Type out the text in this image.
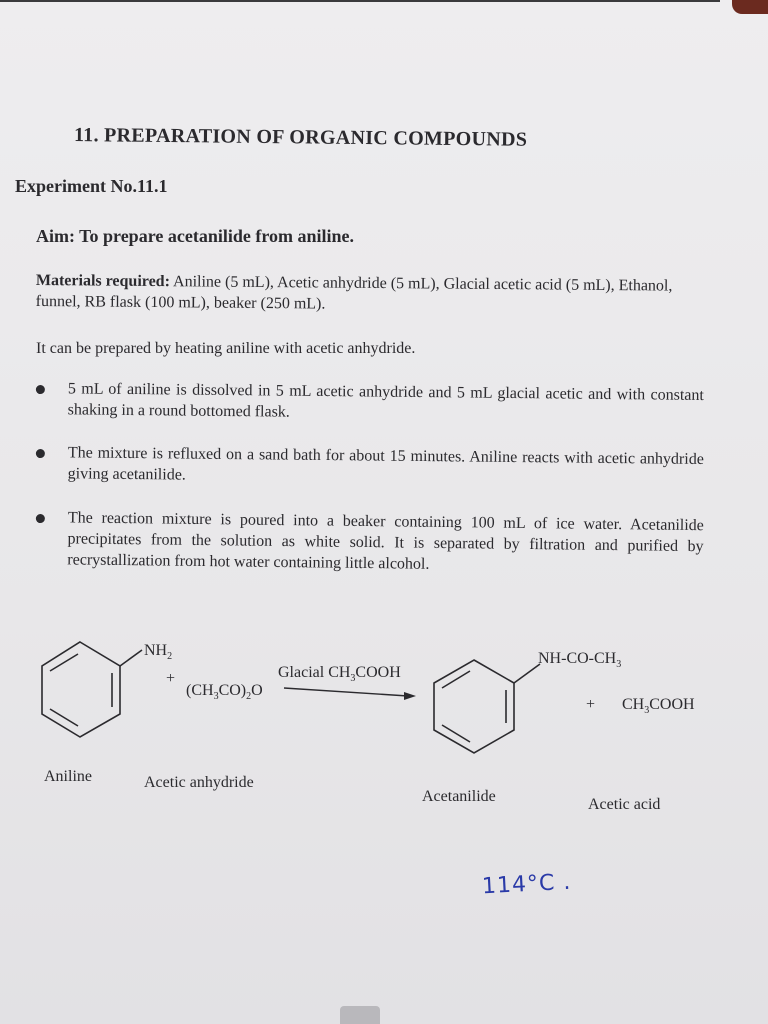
11. PREPARATION OF ORGANIC COMPOUNDS
Experiment No.11.1
Aim: To prepare acetanilide from aniline.
Materials required: Aniline (5 mL), Acetic anhydride (5 mL), Glacial acetic acid (5 mL), Ethanol, funnel, RB flask (100 mL), beaker (250 mL).
It can be prepared by heating aniline with acetic anhydride.
5 mL of aniline is dissolved in 5 mL acetic anhydride and 5 mL glacial acetic and with constant shaking in a round bottomed flask.
The mixture is refluxed on a sand bath for about 15 minutes. Aniline reacts with acetic anhydride giving acetanilide.
The reaction mixture is poured into a beaker containing 100 mL of ice water. Acetanilide precipitates from the solution as white solid. It is separated by filtration and purified by recrystallization from hot water containing little alcohol.
$NH_2$
+
$(CH_3CO)_2O$
Glacial $CH_3COOH$
$NH-CO-CH_3$
+ $CH_3COOH$
Aniline	Acetic anhydride
Acetanilide	Acetic acid
114°C .
